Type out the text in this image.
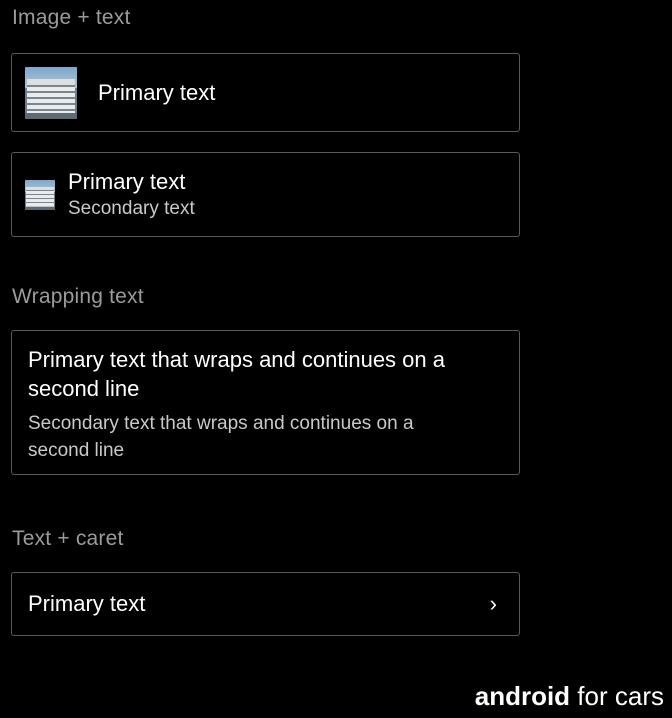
Image + text
Primary text
Primary text
Secondary text
Wrapping text
Primary text that wraps and continues on a second line
Secondary text that wraps and continues on a second line
Text + caret
Primary text	›
android for cars
